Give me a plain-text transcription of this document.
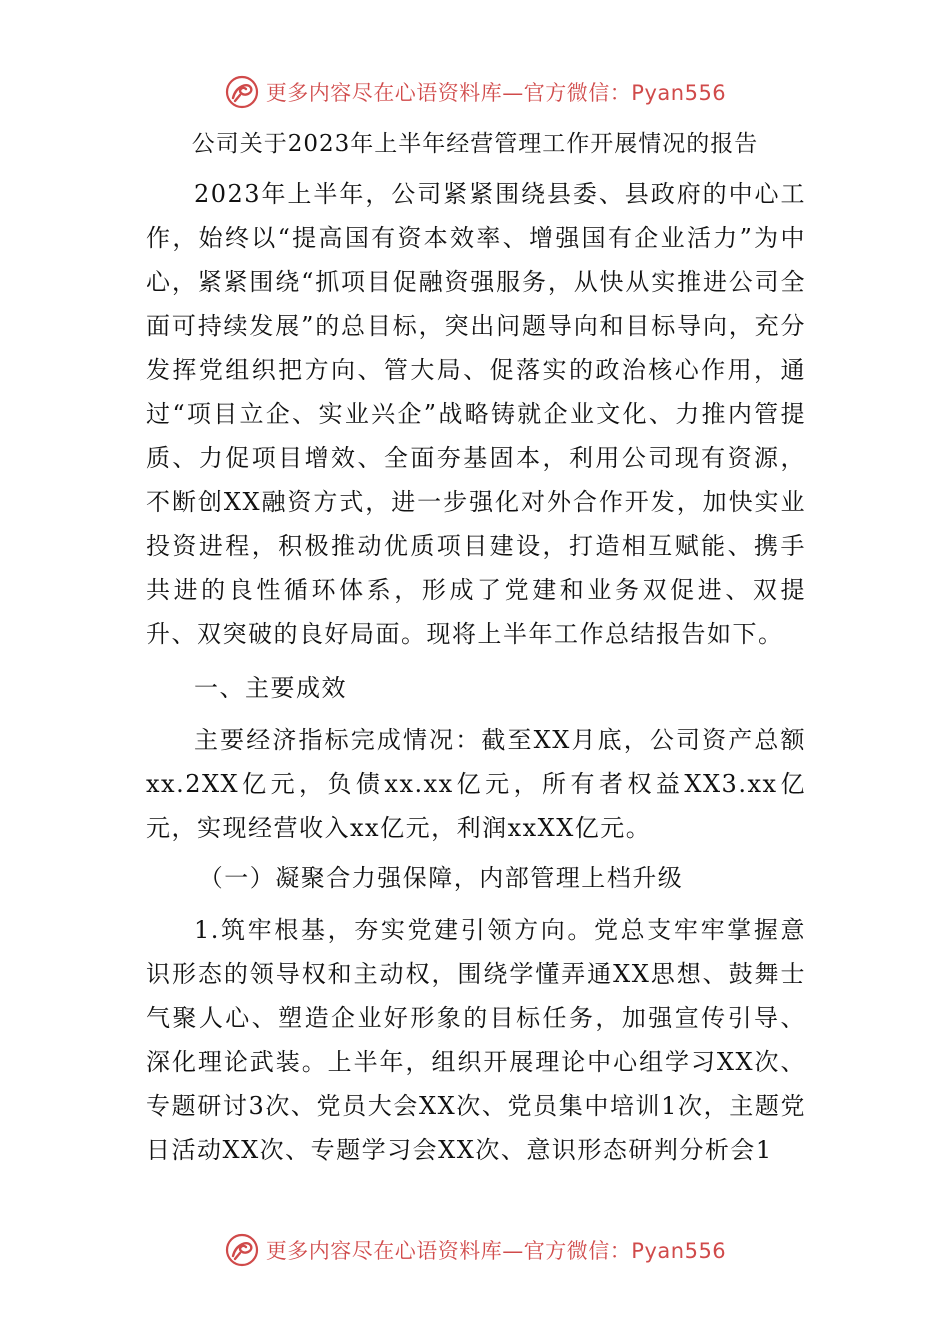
更多内容尽在心语资料库—官方微信：Pyan556
公司关于2023年上半年经营管理工作开展情况的报告

2023年上半年，公司紧紧围绕县委、县政府的中心工作，始终以“提高国有资本效率、增强国有企业活力”为中心，紧紧围绕“抓项目促融资强服务，从快从实推进公司全面可持续发展”的总目标，突出问题导向和目标导向，充分发挥党组织把方向、管大局、促落实的政治核心作用，通过“项目立企、实业兴企”战略铸就企业文化、力推内管提质、力促项目增效、全面夯基固本，利用公司现有资源，不断创XX融资方式，进一步强化对外合作开发，加快实业投资进程，积极推动优质项目建设，打造相互赋能、携手共进的良性循环体系，形成了党建和业务双促进、双提升、双突破的良好局面。现将上半年工作总结报告如下。

一、主要成效

主要经济指标完成情况：截至XX月底，公司资产总额xx.2XX亿元，负债xx.xx亿元，所有者权益XX3.xx亿元，实现经营收入xx亿元，利润xxXX亿元。

（一）凝聚合力强保障，内部管理上档升级

1.筑牢根基，夯实党建引领方向。党总支牢牢掌握意识形态的领导权和主动权，围绕学懂弄通XX思想、鼓舞士气聚人心、塑造企业好形象的目标任务，加强宣传引导、深化理论武装。上半年，组织开展理论中心组学习XX次、专题研讨3次、党员大会XX次、党员集中培训1次，主题党日活动XX次、专题学习会XX次、意识形态研判分析会1

更多内容尽在心语资料库—官方微信：Pyan556
